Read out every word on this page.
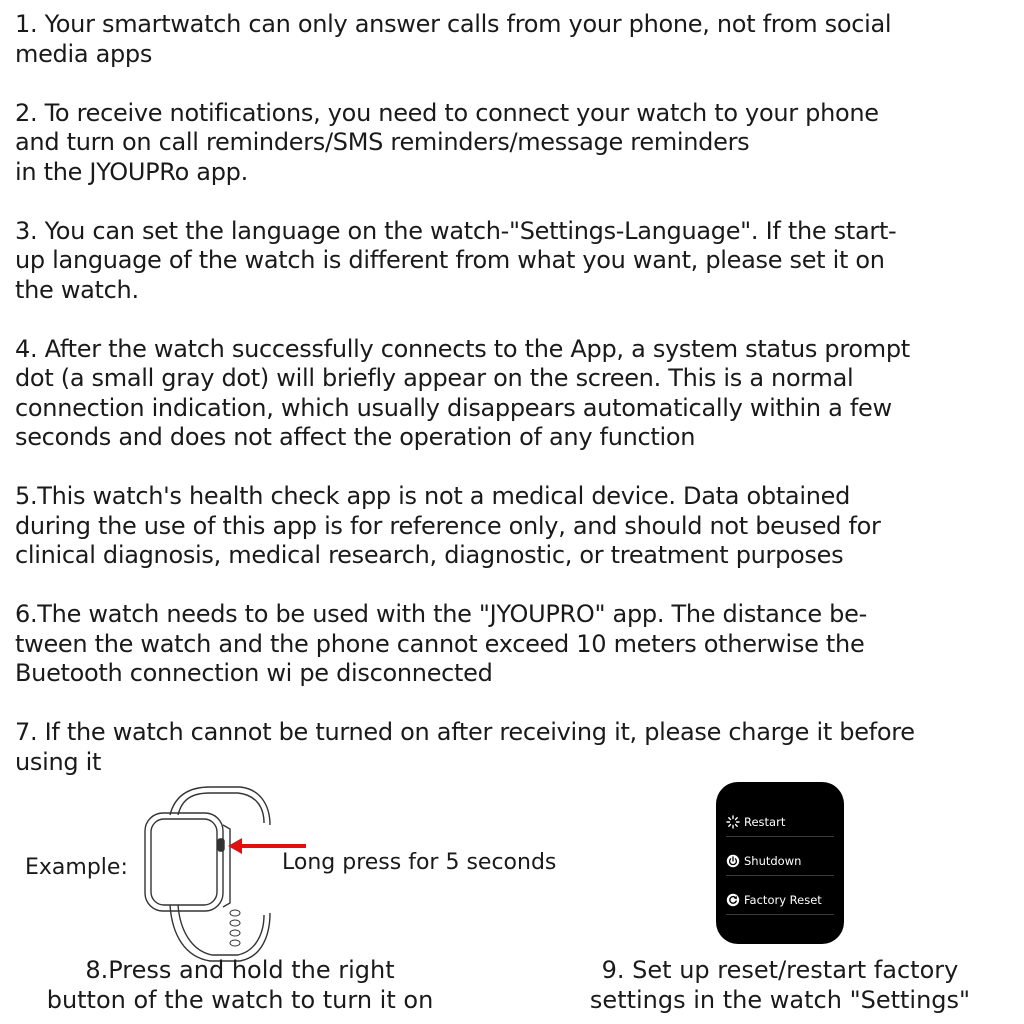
1. Your smartwatch can only answer calls from your phone, not from social
media apps

2. To receive notifications, you need to connect your watch to your phone
and turn on call reminders/SMS reminders/message reminders
in the JYOUPRo app.

3. You can set the language on the watch-"Settings-Language". If the start-
up language of the watch is different from what you want, please set it on
the watch.

4. After the watch successfully connects to the App, a system status prompt
dot (a small gray dot) will briefly appear on the screen. This is a normal
connection indication, which usually disappears automatically within a few
seconds and does not affect the operation of any function

5.This watch's health check app is not a medical device. Data obtained
during the use of this app is for reference only, and should not beused for
clinical diagnosis, medical research, diagnostic, or treatment purposes

6.The watch needs to be used with the "JYOUPRO" app. The distance be-
tween the watch and the phone cannot exceed 10 meters otherwise the
Buetooth connection wi pe disconnected

7. If the watch cannot be turned on after receiving it, please charge it before
using it

Example:	Long press for 5 seconds
Restart
Shutdown
Factory Reset
8.Press and hold the right
button of the watch to turn it on
9. Set up reset/restart factory
settings in the watch "Settings"
